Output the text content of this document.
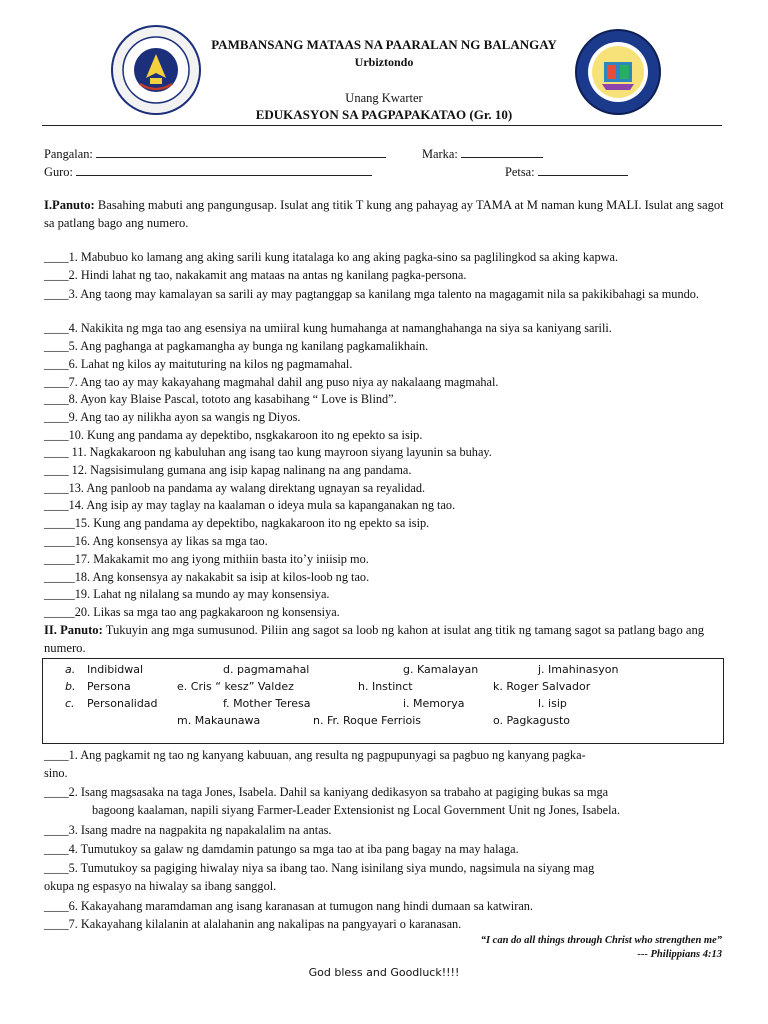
PAMBANSANG MATAAS NA PAARALAN NG BALANGAY
Urbiztondo
Unang Kwarter
EDUKASYON SA PAGPAPAKATAO (Gr. 10)
Pangalan:	Marka:
Guro:	Petsa:
I.Panuto: Basahing mabuti ang pangungusap. Isulat ang titik T kung ang pahayag ay TAMA at M naman kung MALI. Isulat ang sagot sa patlang bago ang numero.
____1. Mabubuo ko lamang ang aking sarili kung itatalaga ko ang aking pagka-sino sa paglilingkod sa aking kapwa.
____2. Hindi lahat ng tao, nakakamit ang mataas na antas ng kanilang pagka-persona.
____3. Ang taong may kamalayan sa sarili ay may pagtanggap sa kanilang mga talento na magagamit nila sa pakikibahagi sa mundo.
____4. Nakikita ng mga tao ang esensiya na umiiral kung humahanga at namanghahanga na siya sa kaniyang sarili.
____5. Ang paghanga at pagkamangha ay bunga ng kanilang pagkamalikhain.
____6. Lahat ng kilos ay maituturing na kilos ng pagmamahal.
____7. Ang tao ay may kakayahang magmahal dahil ang puso niya ay nakalaang magmahal.
____8. Ayon kay Blaise Pascal, tototo ang kasabihang “ Love is Blind”.
____9. Ang tao ay nilikha ayon sa wangis ng Diyos.
____10. Kung ang pandama ay depektibo, nsgkakaroon ito ng epekto sa isip.
____ 11. Nagkakaroon ng kabuluhan ang isang tao kung mayroon siyang layunin sa buhay.
____ 12. Nagsisimulang gumana ang isip kapag nalinang na ang pandama.
____13. Ang panloob na pandama ay walang direktang ugnayan sa reyalidad.
____14. Ang isip ay may taglay na kaalaman o ideya mula sa kapanganakan ng tao.
_____15. Kung ang pandama ay depektibo, nagkakaroon ito ng epekto sa isip.
_____16. Ang konsensya ay likas sa mga tao.
_____17. Makakamit mo ang iyong mithiin basta ito’y iniisip mo.
_____18. Ang konsensya ay nakakabit sa isip at kilos-loob ng tao.
_____19. Lahat ng nilalang sa mundo ay may konsensiya.
_____20. Likas sa mga tao ang pagkakaroon ng konsensiya.
II. Panuto: Tukuyin ang mga sumusunod. Piliin ang sagot sa loob ng kahon at isulat ang titik ng tamang sagot sa patlang bago ang numero.
a. Indibidwal
b. Persona
c. Personalidad
d. pagmamahal
e. Cris “ kesz” Valdez
f. Mother Teresa
m. Makaunawa
g. Kamalayan
h. Instinct
i. Memorya
n. Fr. Roque Ferriois
j. Imahinasyon
k. Roger Salvador
l. isip
o. Pagkagusto
____1. Ang pagkamit ng tao ng kanyang kabuuan, ang resulta ng pagpupunyagi sa pagbuo ng kanyang pagka-
sino.
____2. Isang magsasaka na taga Jones, Isabela. Dahil sa kaniyang dedikasyon sa trabaho at pagiging bukas sa mga
bagoong kaalaman, napili siyang Farmer-Leader Extensionist ng Local Government Unit ng Jones, Isabela.
____3. Isang madre na nagpakita ng napakalalim na antas.
____4. Tumutukoy sa galaw ng damdamin patungo sa mga tao at iba pang bagay na may halaga.
____5. Tumutukoy sa pagiging hiwalay niya sa ibang tao. Nang isinilang siya mundo, nagsimula na siyang mag
okupa ng espasyo na hiwalay sa ibang sanggol.
____6. Kakayahang maramdaman ang isang karanasan at tumugon nang hindi dumaan sa katwiran.
____7. Kakayahang kilalanin at alalahanin ang nakalipas na pangyayari o karanasan.
“I can do all things through Christ who strengthen me”
--- Philippians 4:13
God bless and Goodluck!!!!
